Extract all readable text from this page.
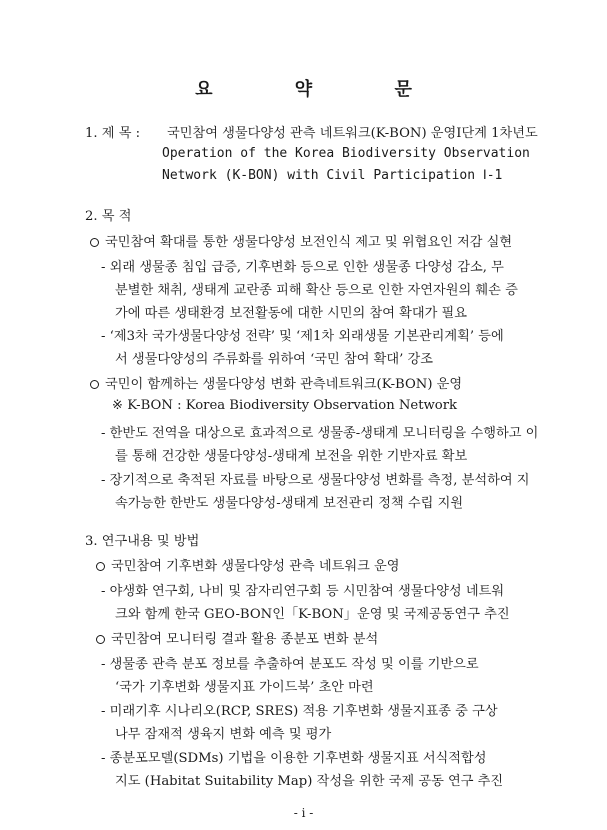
요 약 문
1. 제 목 : 국민참여 생물다양성 관측 네트워크(K-BON) 운영Ⅰ단계 1차년도
Operation of the Korea Biodiversity Observation
Network (K-BON) with Civil Participation Ⅰ-1
2. 목 적
국민참여 확대를 통한 생물다양성 보전인식 제고 및 위협요인 저감 실현
- 외래 생물종 침입 급증, 기후변화 등으로 인한 생물종 다양성 감소, 무
분별한 채취, 생태계 교란종 피해 확산 등으로 인한 자연자원의 훼손 증
가에 따른 생태환경 보전활동에 대한 시민의 참여 확대가 필요
- ‘제3차 국가생물다양성 전략’ 및 ‘제1차 외래생물 기본관리계획’ 등에
서 생물다양성의 주류화를 위하여 ‘국민 참여 확대’ 강조
국민이 함께하는 생물다양성 변화 관측네트워크(K-BON) 운영
※ K-BON : Korea Biodiversity Observation Network
- 한반도 전역을 대상으로 효과적으로 생물종-생태계 모니터링을 수행하고 이
를 통해 건강한 생물다양성-생태계 보전을 위한 기반자료 확보
- 장기적으로 축적된 자료를 바탕으로 생물다양성 변화를 측정, 분석하여 지
속가능한 한반도 생물다양성-생태계 보전관리 정책 수립 지원
3. 연구내용 및 방법
국민참여 기후변화 생물다양성 관측 네트워크 운영
- 야생화 연구회, 나비 및 잠자리연구회 등 시민참여 생물다양성 네트워
크와 함께 한국 GEO-BON인「K-BON」운영 및 국제공동연구 추진
국민참여 모니터링 결과 활용 종분포 변화 분석
- 생물종 관측 분포 정보를 추출하여 분포도 작성 및 이를 기반으로
‘국가 기후변화 생물지표 가이드북’ 초안 마련
- 미래기후 시나리오(RCP, SRES) 적용 기후변화 생물지표종 중 구상
나무 잠재적 생육지 변화 예측 및 평가
- 종분포모델(SDMs) 기법을 이용한 기후변화 생물지표 서식적합성
지도 (Habitat Suitability Map) 작성을 위한 국제 공동 연구 추진
- i -
